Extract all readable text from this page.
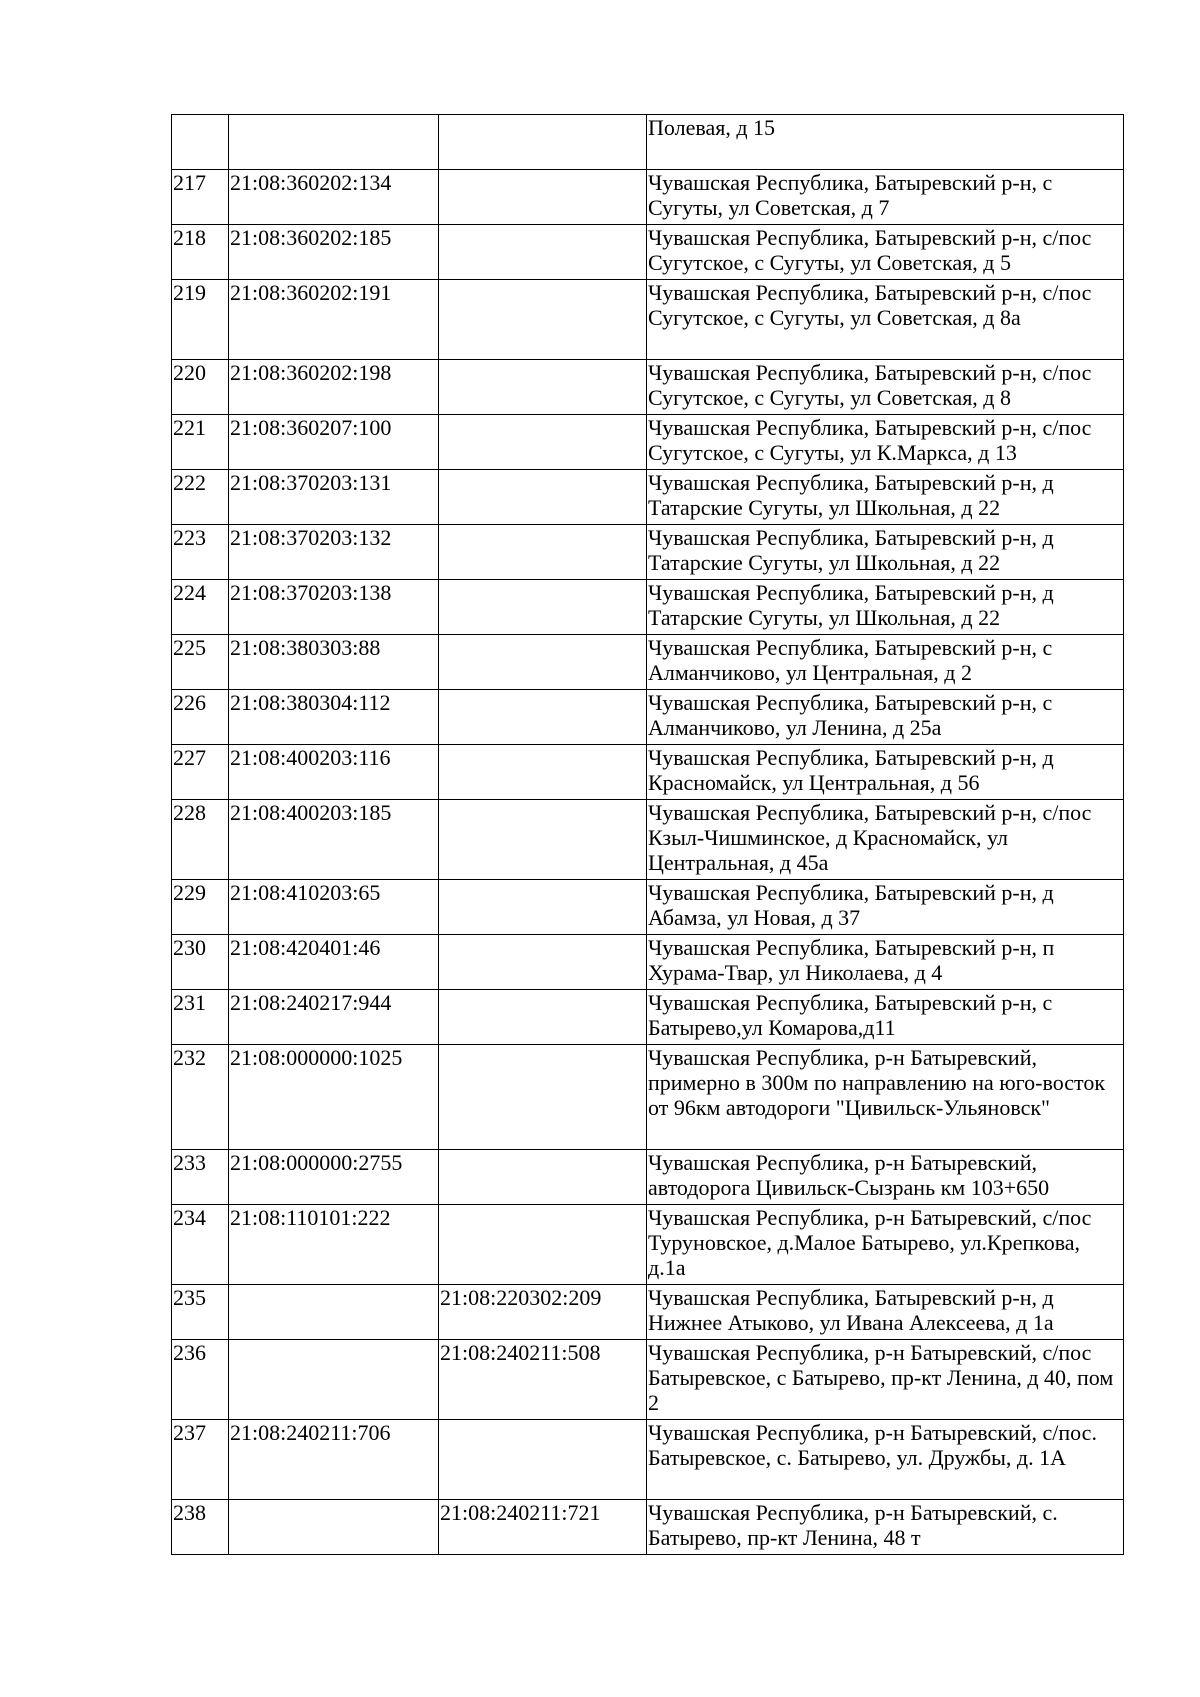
			Полевая, д 15
217	21:08:360202:134		Чувашская Республика, Батыревский р-н, с Сугуты, ул Советская, д 7
218	21:08:360202:185		Чувашская Республика, Батыревский р-н, с/пос Сугутское, с Сугуты, ул Советская, д 5
219	21:08:360202:191		Чувашская Республика, Батыревский р-н, с/пос Сугутское, с Сугуты, ул Советская, д 8а
220	21:08:360202:198		Чувашская Республика, Батыревский р-н, с/пос Сугутское, с Сугуты, ул Советская, д 8
221	21:08:360207:100		Чувашская Республика, Батыревский р-н, с/пос Сугутское, с Сугуты, ул К.Маркса, д 13
222	21:08:370203:131		Чувашская Республика, Батыревский р-н, д Татарские Сугуты, ул Школьная, д 22
223	21:08:370203:132		Чувашская Республика, Батыревский р-н, д Татарские Сугуты, ул Школьная, д 22
224	21:08:370203:138		Чувашская Республика, Батыревский р-н, д Татарские Сугуты, ул Школьная, д 22
225	21:08:380303:88		Чувашская Республика, Батыревский р-н, с Алманчиково, ул Центральная, д 2
226	21:08:380304:112		Чувашская Республика, Батыревский р-н, с Алманчиково, ул Ленина, д 25а
227	21:08:400203:116		Чувашская Республика, Батыревский р-н, д Красномайск, ул Центральная, д 56
228	21:08:400203:185		Чувашская Республика, Батыревский р-н, с/пос Кзыл-Чишминское, д Красномайск, ул Центральная, д 45а
229	21:08:410203:65		Чувашская Республика, Батыревский р-н, д Абамза, ул Новая, д 37
230	21:08:420401:46		Чувашская Республика, Батыревский р-н, п Хурама-Твар, ул Николаева, д 4
231	21:08:240217:944		Чувашская Республика, Батыревский р-н, с Батырево,ул Комарова,д11
232	21:08:000000:1025		Чувашская Республика, р-н Батыревский, примерно в 300м по направлению на юго-восток от 96км автодороги "Цивильск-Ульяновск"
233	21:08:000000:2755		Чувашская Республика, р-н Батыревский, автодорога Цивильск-Сызрань км 103+650
234	21:08:110101:222		Чувашская Республика, р-н Батыревский, с/пос Туруновское, д.Малое Батырево, ул.Крепкова, д.1а
235		21:08:220302:209	Чувашская Республика, Батыревский р-н, д Нижнее Атыково, ул Ивана Алексеева, д 1а
236		21:08:240211:508	Чувашская Республика, р-н Батыревский, с/пос Батыревское, с Батырево, пр-кт Ленина, д 40, пом 2
237	21:08:240211:706		Чувашская Республика, р-н Батыревский, с/пос. Батыревское, с. Батырево, ул. Дружбы, д. 1А
238		21:08:240211:721	Чувашская Республика, р-н Батыревский, с. Батырево, пр-кт Ленина, 48 т
